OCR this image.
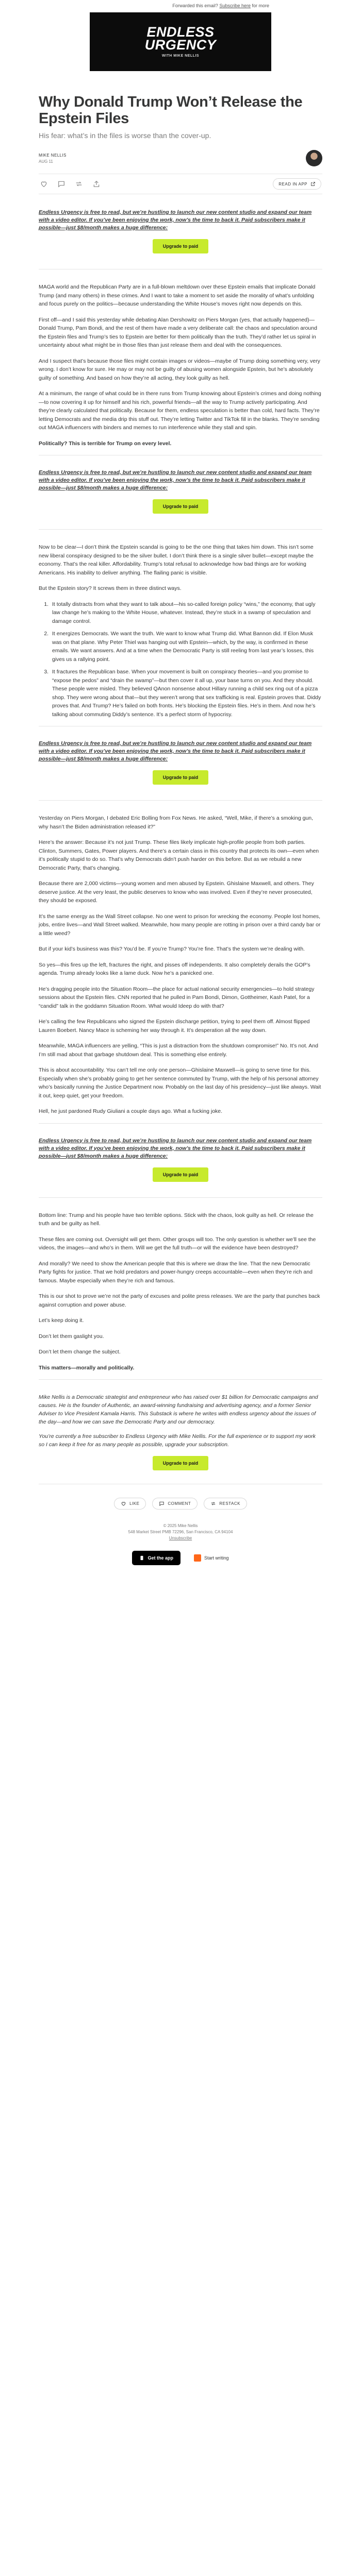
Forwarded this email? Subscribe here for more
ENDLESS
URGENCY
WITH MIKE NELLIS
Why Donald Trump Won’t Release the Epstein Files
His fear: what’s in the files is worse than the cover-up.
MIKE NELLIS
AUG 11
READ IN APP

Endless Urgency is free to read, but we’re hustling to launch our new content studio and expand our team with a video editor. If you’ve been enjoying the work, now’s the time to back it. Paid subscribers make it possible—just $8/month makes a huge difference:

Upgrade to paid

MAGA world and the Republican Party are in a full-blown meltdown over these Epstein emails that implicate Donald Trump (and many others) in these crimes. And I want to take a moment to set aside the morality of what’s unfolding and focus purely on the politics—because understanding the White House’s moves right now depends on this.

First off—and I said this yesterday while debating Alan Dershowitz on Piers Morgan (yes, that actually happened)—Donald Trump, Pam Bondi, and the rest of them have made a very deliberate call: the chaos and speculation around the Epstein files and Trump’s ties to Epstein are better for them politically than the truth. They’d rather let us spiral in uncertainty about what might be in those files than just release them and deal with the consequences.

And I suspect that’s because those files might contain images or videos—maybe of Trump doing something very, very wrong. I don’t know for sure. He may or may not be guilty of abusing women alongside Epstein, but he’s absolutely guilty of something. And based on how they’re all acting, they look guilty as hell.

At a minimum, the range of what could be in there runs from Trump knowing about Epstein’s crimes and doing nothing—to now covering it up for himself and his rich, powerful friends—all the way to Trump actively participating. And they’re clearly calculated that politically. Because for them, endless speculation is better than cold, hard facts. They’re letting Democrats and the media drip this stuff out. They’re letting Twitter and TikTok fill in the blanks. They’re sending out MAGA influencers with binders and memes to run interference while they stall and spin.

Politically? This is terrible for Trump on every level.

Endless Urgency is free to read, but we’re hustling to launch our new content studio and expand our team with a video editor. If you’ve been enjoying the work, now’s the time to back it. Paid subscribers make it possible—just $8/month makes a huge difference:

Upgrade to paid

Now to be clear—I don’t think the Epstein scandal is going to be the one thing that takes him down. This isn’t some new liberal conspiracy designed to be the silver bullet. I don’t think there is a single silver bullet—except maybe the economy. That’s the real killer. Affordability. Trump’s total refusal to acknowledge how bad things are for working Americans. His inability to deliver anything. The flailing panic is visible.

But the Epstein story? It screws them in three distinct ways.

1. It totally distracts from what they want to talk about—his so-called foreign policy “wins,” the economy, that ugly law change he’s making to the White House, whatever. Instead, they’re stuck in a swamp of speculation and damage control.
2. It energizes Democrats. We want the truth. We want to know what Trump did. What Bannon did. If Elon Musk was on that plane. Why Peter Thiel was hanging out with Epstein—which, by the way, is confirmed in these emails. We want answers. And at a time when the Democratic Party is still reeling from last year’s losses, this gives us a rallying point.
3. It fractures the Republican base. When your movement is built on conspiracy theories—and you promise to “expose the pedos” and “drain the swamp”—but then cover it all up, your base turns on you. And they should. These people were misled. They believed QAnon nonsense about Hillary running a child sex ring out of a pizza shop. They were wrong about that—but they weren’t wrong that sex trafficking is real. Epstein proves that. Diddy proves that. And Trump? He’s failed on both fronts. He’s blocking the Epstein files. He’s in them. And now he’s talking about commuting Diddy’s sentence. It’s a perfect storm of hypocrisy.

Endless Urgency is free to read, but we’re hustling to launch our new content studio and expand our team with a video editor. If you’ve been enjoying the work, now’s the time to back it. Paid subscribers make it possible—just $8/month makes a huge difference:

Upgrade to paid

Yesterday on Piers Morgan, I debated Eric Bolling from Fox News. He asked, “Well, Mike, if there’s a smoking gun, why hasn’t the Biden administration released it?”

Here’s the answer: Because it’s not just Trump. These files likely implicate high-profile people from both parties. Clinton, Summers, Gates, Power players. And there’s a certain class in this country that protects its own—even when it’s politically stupid to do so. That’s why Democrats didn’t push harder on this before. But as we rebuild a new Democratic Party, that’s changing.

Because there are 2,000 victims—young women and men abused by Epstein. Ghislaine Maxwell, and others. They deserve justice. At the very least, the public deserves to know who was involved. Even if they’re never prosecuted, they should be exposed.

It’s the same energy as the Wall Street collapse. No one went to prison for wrecking the economy. People lost homes, jobs, entire lives—and Wall Street walked. Meanwhile, how many people are rotting in prison over a third candy bar or a little weed?

But if your kid’s business was this? You’d be. If you’re Trump? You’re fine. That’s the system we’re dealing with.

So yes—this fires up the left, fractures the right, and pisses off independents. It also completely derails the GOP’s agenda. Trump already looks like a lame duck. Now he’s a panicked one.

He’s dragging people into the Situation Room—the place for actual national security emergencies—to hold strategy sessions about the Epstein files. CNN reported that he pulled in Pam Bondi, Dimon, Gottheimer, Kash Patel, for a “candid” talk in the goddamn Situation Room. What would Ideep do with that?

He’s calling the few Republicans who signed the Epstein discharge petition, trying to peel them off. Almost flipped Lauren Boebert. Nancy Mace is scheming her way through it. It’s desperation all the way down.

Meanwhile, MAGA influencers are yelling, “This is just a distraction from the shutdown compromise!” No. It’s not. And I’m still mad about that garbage shutdown deal. This is something else entirely.

This is about accountability. You can’t tell me only one person—Ghislaine Maxwell—is going to serve time for this. Especially when she’s probably going to get her sentence commuted by Trump, with the help of his personal attorney who’s basically running the Justice Department now. Probably on the last day of his presidency—just like always. Wait it out, keep quiet, get your freedom.

Hell, he just pardoned Rudy Giuliani a couple days ago. What a fucking joke.

Endless Urgency is free to read, but we’re hustling to launch our new content studio and expand our team with a video editor. If you’ve been enjoying the work, now’s the time to back it. Paid subscribers make it possible—just $8/month makes a huge difference:

Upgrade to paid

Bottom line: Trump and his people have two terrible options. Stick with the chaos, look guilty as hell. Or release the truth and be guilty as hell.

These files are coming out. Oversight will get them. Other groups will too. The only question is whether we’ll see the videos, the images—and who’s in them. Will we get the full truth—or will the evidence have been destroyed?

And morally? We need to show the American people that this is where we draw the line. That the new Democratic Party fights for justice. That we hold predators and power-hungry creeps accountable—even when they’re rich and famous. Maybe especially when they’re rich and famous.

This is our shot to prove we’re not the party of excuses and polite press releases. We are the party that punches back against corruption and power abuse.

Let’s keep doing it.

Don’t let them gaslight you.

Don’t let them change the subject.

This matters—morally and politically.

Mike Nellis is a Democratic strategist and entrepreneur who has raised over $1 billion for Democratic campaigns and causes. He is the founder of Authentic, an award-winning fundraising and advertising agency, and a former Senior Adviser to Vice President Kamala Harris. This Substack is where he writes with endless urgency about the issues of the day—and how we can save the Democratic Party and our democracy.

You’re currently a free subscriber to Endless Urgency with Mike Nellis. For the full experience or to support my work so I can keep it free for as many people as possible, upgrade your subscription.

Upgrade to paid
LIKE	COMMENT	RESTACK
© 2025 Mike Nellis
548 Market Street PMB 72296, San Francisco, CA 94104
Unsubscribe
Get the app	Start writing
